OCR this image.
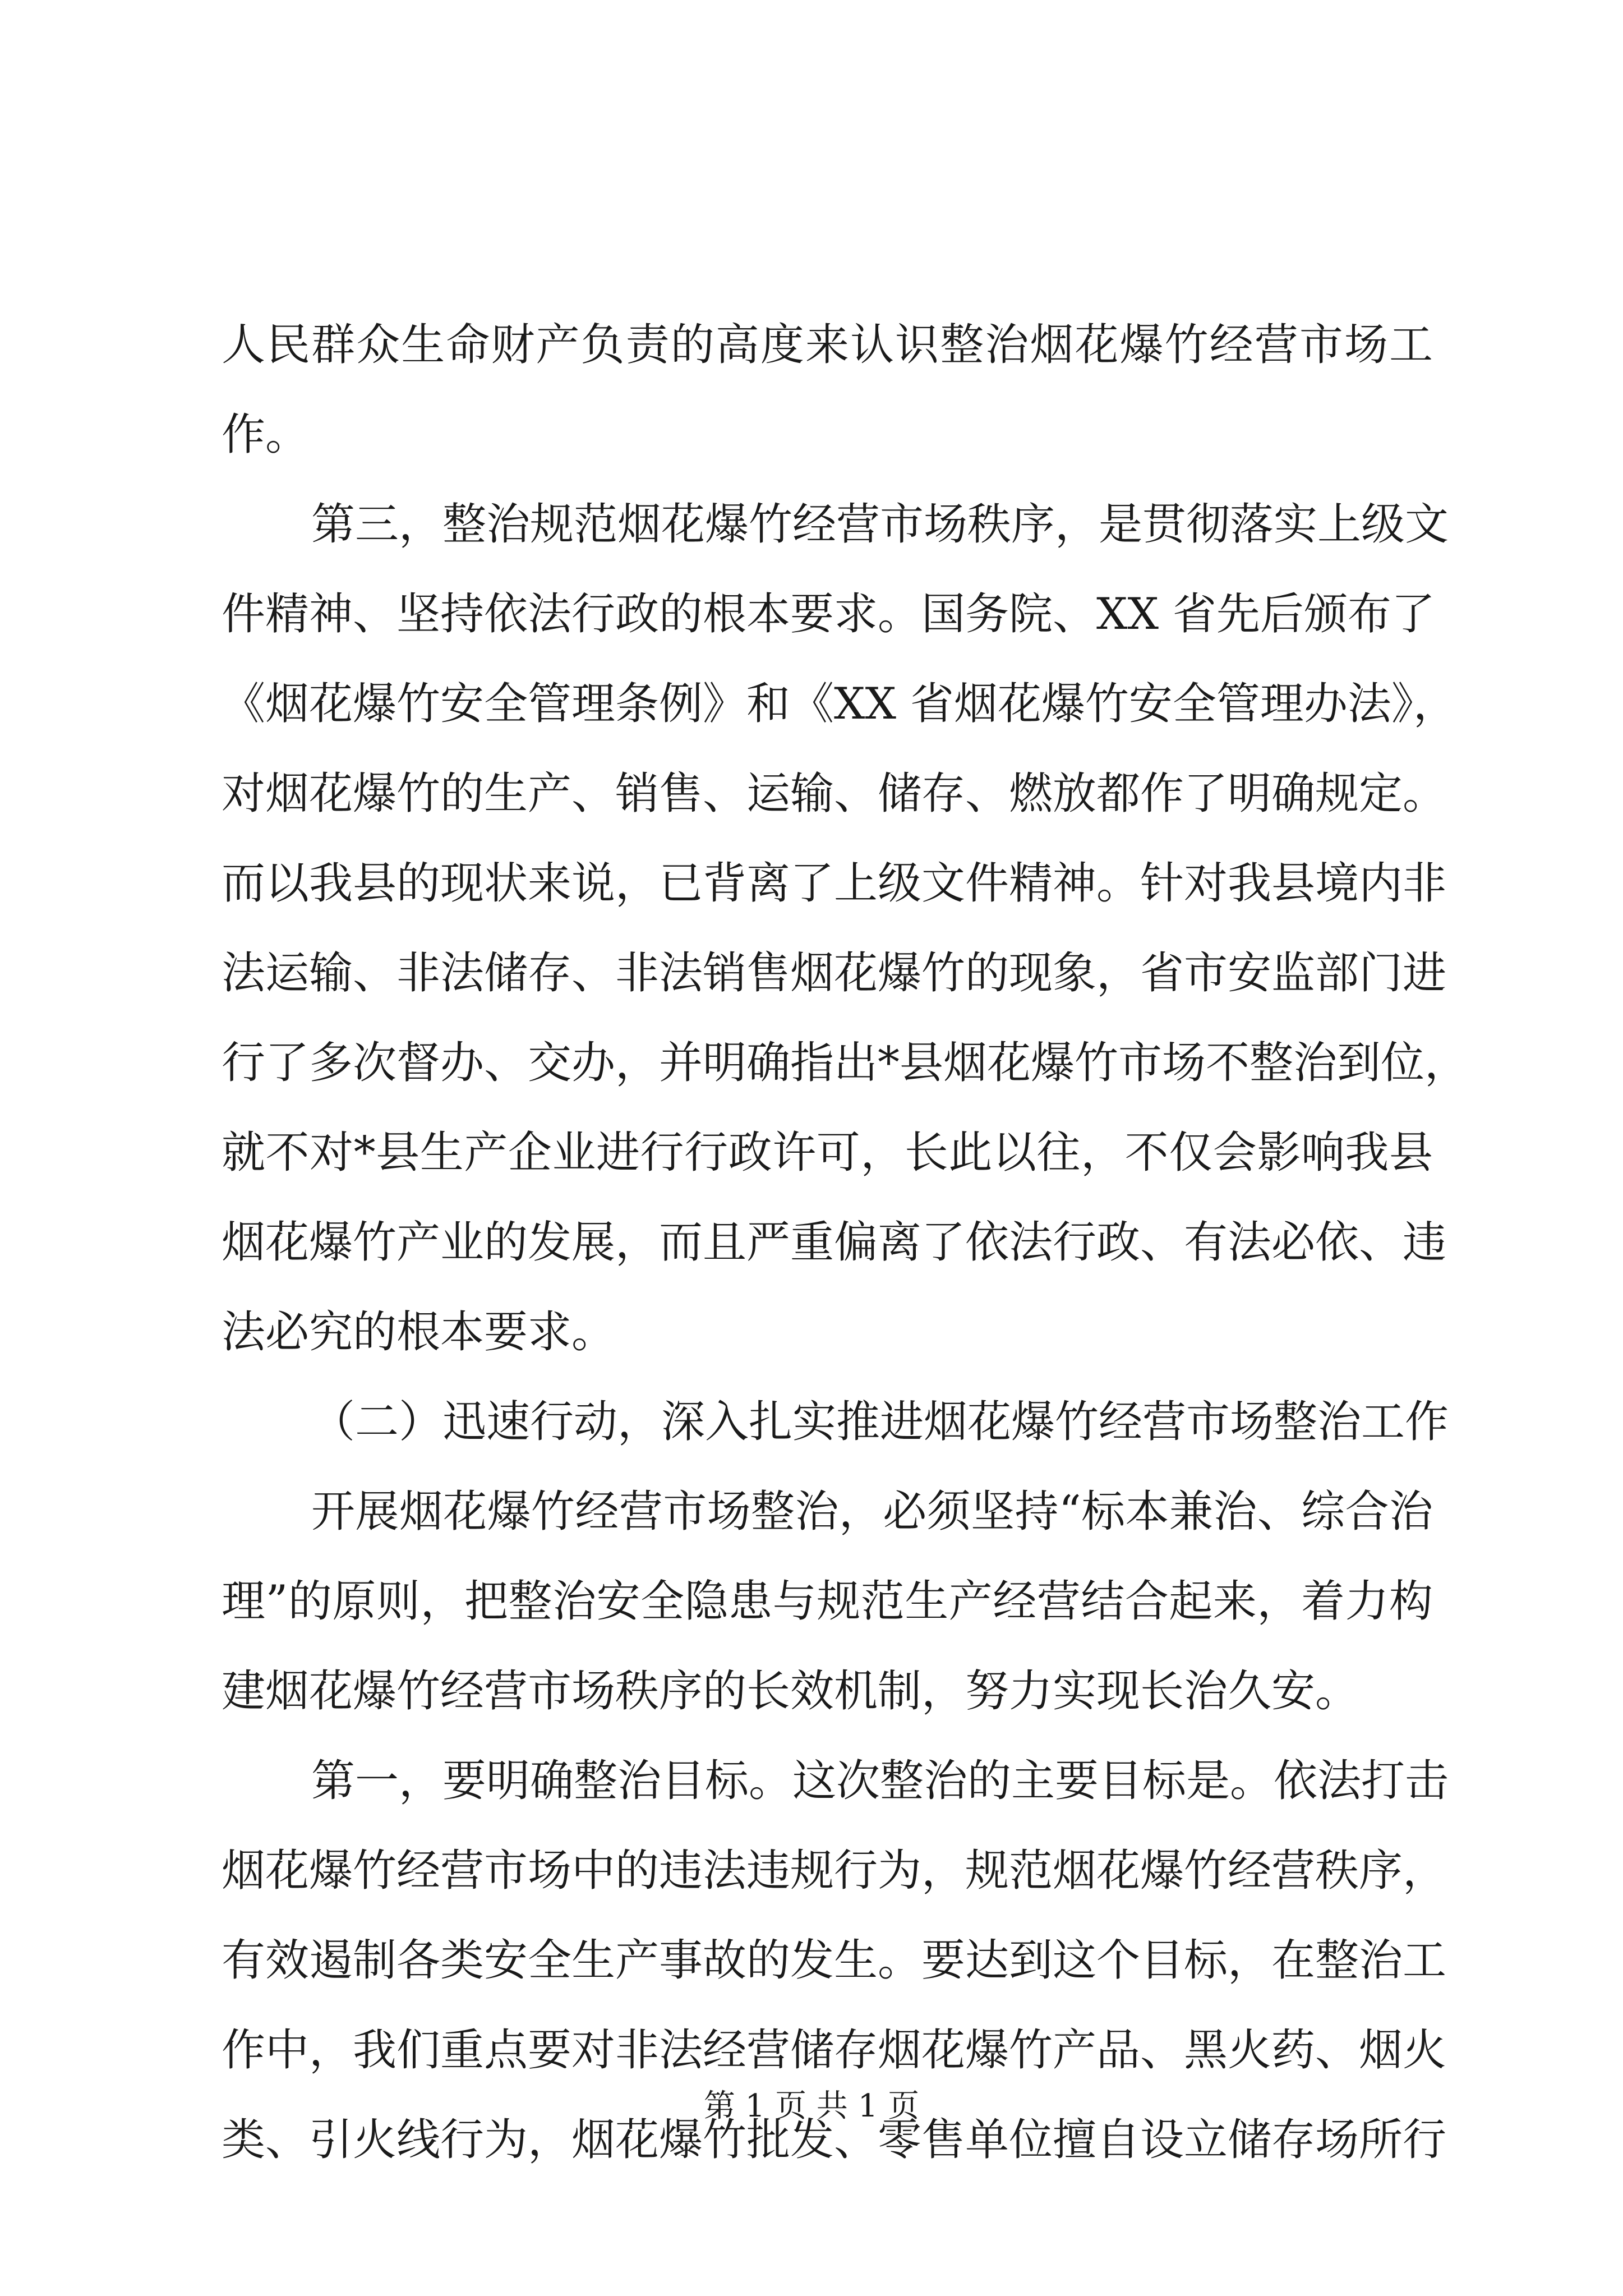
人民群众生命财产负责的高度来认识整治烟花爆竹经营市场工
作。
第三，整治规范烟花爆竹经营市场秩序，是贯彻落实上级文
件精神、坚持依法行政的根本要求。国务院、XX 省先后颁布了
《烟花爆竹安全管理条例》和《XX 省烟花爆竹安全管理办法》，
对烟花爆竹的生产、销售、运输、储存、燃放都作了明确规定。
而以我县的现状来说，已背离了上级文件精神。针对我县境内非
法运输、非法储存、非法销售烟花爆竹的现象，省市安监部门进
行了多次督办、交办，并明确指出*县烟花爆竹市场不整治到位，
就不对*县生产企业进行行政许可，长此以往，不仅会影响我县
烟花爆竹产业的发展，而且严重偏离了依法行政、有法必依、违
法必究的根本要求。
（二）迅速行动，深入扎实推进烟花爆竹经营市场整治工作
开展烟花爆竹经营市场整治，必须坚持“标本兼治、综合治
理”的原则，把整治安全隐患与规范生产经营结合起来，着力构
建烟花爆竹经营市场秩序的长效机制，努力实现长治久安。
第一，要明确整治目标。这次整治的主要目标是。依法打击
烟花爆竹经营市场中的违法违规行为，规范烟花爆竹经营秩序，
有效遏制各类安全生产事故的发生。要达到这个目标，在整治工
作中，我们重点要对非法经营储存烟花爆竹产品、黑火药、烟火
类、引火线行为，烟花爆竹批发、零售单位擅自设立储存场所行
第 1 页 共 1 页
